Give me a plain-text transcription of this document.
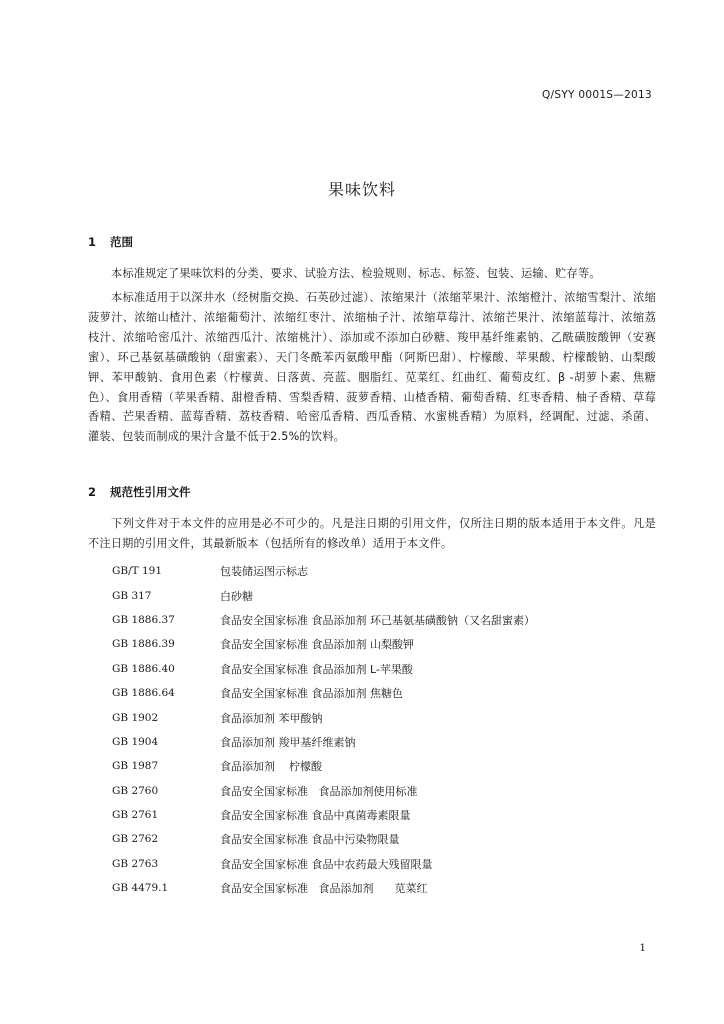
Q/SYY 0001S—2013
果味饮料
1 范围

本标准规定了果味饮料的分类、要求、试验方法、检验规则、标志、标签、包装、运输、贮存等。

本标准适用于以深井水（经树脂交换、石英砂过滤）、浓缩果汁（浓缩苹果汁、浓缩橙汁、浓缩雪梨汁、浓缩菠萝汁、浓缩山楂汁、浓缩葡萄汁、浓缩红枣汁、浓缩柚子汁、浓缩草莓汁、浓缩芒果汁、浓缩蓝莓汁、浓缩荔枝汁、浓缩哈密瓜汁、浓缩西瓜汁、浓缩桃汁）、添加或不添加白砂糖、羧甲基纤维素钠、乙酰磺胺酸钾（安赛蜜）、环己基氨基磺酸钠（甜蜜素）、天门冬酰苯丙氨酸甲酯（阿斯巴甜）、柠檬酸、苹果酸、柠檬酸钠、山梨酸钾、苯甲酸钠、食用色素（柠檬黄、日落黄、亮蓝、胭脂红、苋菜红、红曲红、葡萄皮红、β -胡萝卜素、焦糖色）、食用香精（苹果香精、甜橙香精、雪梨香精、菠萝香精、山楂香精、葡萄香精、红枣香精、柚子香精、草莓香精、芒果香精、蓝莓香精、荔枝香精、哈密瓜香精、西瓜香精、水蜜桃香精）为原料，经调配、过滤、杀菌、灌装、包装而制成的果汁含量不低于2.5%的饮料。

2 规范性引用文件

下列文件对于本文件的应用是必不可少的。凡是注日期的引用文件，仅所注日期的版本适用于本文件。凡是不注日期的引用文件，其最新版本（包括所有的修改单）适用于本文件。

GB/T 191	包装储运图示标志
GB 317	白砂糖
GB 1886.37	食品安全国家标准 食品添加剂 环己基氨基磺酸钠（又名甜蜜素）
GB 1886.39	食品安全国家标准 食品添加剂 山梨酸钾
GB 1886.40	食品安全国家标准 食品添加剂 L-苹果酸
GB 1886.64	食品安全国家标准 食品添加剂 焦糖色
GB 1902	食品添加剂 苯甲酸钠
GB 1904	食品添加剂 羧甲基纤维素钠
GB 1987	食品添加剂    柠檬酸
GB 2760	食品安全国家标准   食品添加剂使用标准
GB 2761	食品安全国家标准 食品中真菌毒素限量
GB 2762	食品安全国家标准 食品中污染物限量
GB 2763	食品安全国家标准 食品中农药最大残留限量
GB 4479.1	食品安全国家标准   食品添加剂      苋菜红
1
